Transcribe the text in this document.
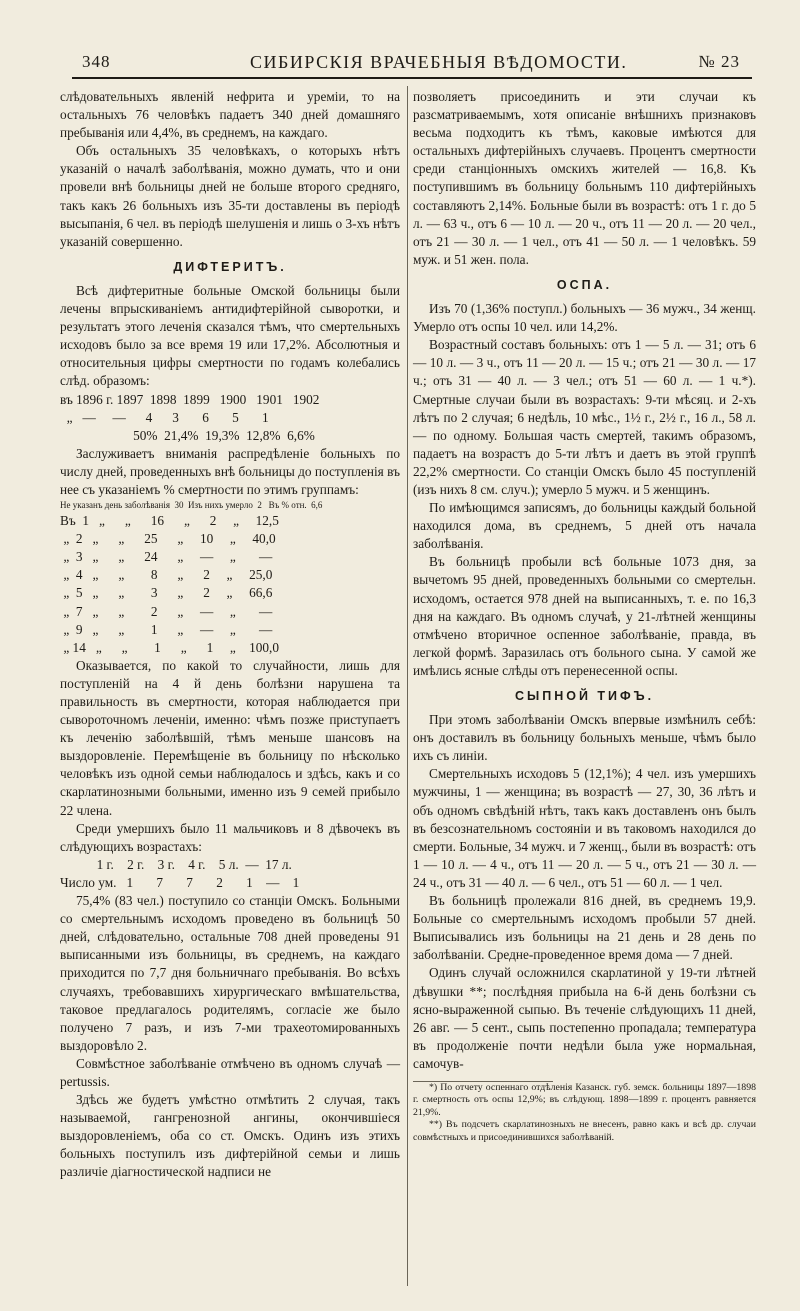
348	СИБИРСКІЯ ВРАЧЕБНЫЯ ВѢДОМОСТИ.	№ 23

слѣдовательныхъ явленій нефрита и уреміи, то на остальныхъ 76 человѣкъ падаетъ 340 дней домашняго пребыванія или 4,4%, въ среднемъ, на каждаго.

Объ остальныхъ 35 человѣкахъ, о которыхъ нѣтъ указаній о началѣ заболѣванія, можно думать, что и они провели внѣ больницы дней не больше второго средняго, такъ какъ 26 больныхъ изъ 35-ти доставлены въ періодѣ высыпанія, 6 чел. въ періодѣ шелушенія и лишь о 3-хъ нѣтъ указаній совершенно.

ДИФТЕРИТЪ.

Всѣ дифтеритные больные Омской больницы были лечены впрыскиваніемъ антидифтерійной сыворотки, и результатъ этого леченія сказался тѣмъ, что смертельныхъ исходовъ было за все время 19 или 17,2%. Абсолютныя и относительныя цифры смертности по годамъ колебались слѣд. образомъ:

въ 1896 г. 1897  1898  1899   1900   1901   1902
„   —     —      4      3       6       5       1
50%  21,4%  19,3%  12,8%  6,6%

Заслуживаетъ вниманія распредѣленіе больныхъ по числу дней, проведенныхъ внѣ больницы до поступленія въ нее съ указаніемъ % смертности по этимъ группамъ:

Не указанъ день заболѣванія  30  Изъ нихъ умерло  2   Въ % отн.  6,6
Въ  1   „      „      16      „      2     „     12,5
„  2   „      „      25      „     10     „     40,0
„  3   „      „      24      „     —     „       —
„  4   „      „        8      „      2     „     25,0
„  5   „      „        3      „      2     „     66,6
„  7   „      „        2      „     —     „       —
„  9   „      „        1      „     —     „       —
„ 14   „      „        1      „      1     „    100,0

Оказывается, по какой то случайности, лишь для поступленій на 4 й день болѣзни нарушена та правильность въ смертности, которая наблюдается при сывороточномъ леченіи, именно: чѣмъ позже приступаетъ къ леченію заболѣвшій, тѣмъ меньше шансовъ на выздоровленіе. Перемѣщеніе въ больницу по нѣсколько человѣкъ изъ одной семьи наблюдалось и здѣсь, какъ и со скарлатинозными больными, именно изъ 9 семей прибыло 22 члена.

Среди умершихъ было 11 мальчиковъ и 8 дѣвочекъ въ слѣдующихъ возрастахъ:

1 г.    2 г.    3 г.    4 г.    5 л.  —  17 л.
Число ум.   1       7       7       2       1    —    1

75,4% (83 чел.) поступило со станціи Омскъ. Больными со смертельнымъ исходомъ проведено въ больницѣ 50 дней, слѣдовательно, остальные 708 дней проведены 91 выписанными изъ больницы, въ среднемъ, на каждаго приходится по 7,7 дня больничнаго пребыванія. Во всѣхъ случаяхъ, требовавшихъ хирургическаго вмѣшательства, таковое предлагалось родителямъ, согласіе же было получено 7 разъ, и изъ 7-ми трахеотомированныхъ выздоровѣло 2.

Совмѣстное заболѣваніе отмѣчено въ одномъ случаѣ — pertussis.

Здѣсь же будетъ умѣстно отмѣтить 2 случая, такъ называемой, гангренозной ангины, окончившіеся выздоровленіемъ, оба со ст. Омскъ. Одинъ изъ этихъ больныхъ поступилъ изъ дифтерійной семьи и лишь различіе діагностической надписи не

позволяетъ присоединить и эти случаи къ разсматриваемымъ, хотя описаніе внѣшнихъ признаковъ весьма подходитъ къ тѣмъ, каковые имѣются для остальныхъ дифтерійныхъ случаевъ. Процентъ смертности среди станціонныхъ омскихъ жителей — 16,8. Къ поступившимъ въ больницу больнымъ 110 дифтерійныхъ составляютъ 2,14%. Больные были въ возрастѣ: отъ 1 г. до 5 л. — 63 ч., отъ 6 — 10 л. — 20 ч., отъ 11 — 20 л. — 20 чел., отъ 21 — 30 л. — 1 чел., отъ 41 — 50 л. — 1 человѣкъ. 59 муж. и 51 жен. пола.

ОСПА.

Изъ 70 (1,36% поступл.) больныхъ — 36 мужч., 34 женщ. Умерло отъ оспы 10 чел. или 14,2%.

Возрастный составъ больныхъ: отъ 1 — 5 л. — 31; отъ 6 — 10 л. — 3 ч., отъ 11 — 20 л. — 15 ч.; отъ 21 — 30 л. — 17 ч.; отъ 31 — 40 л. — 3 чел.; отъ 51 — 60 л. — 1 ч.*). Смертные случаи были въ возрастахъ: 9-ти мѣсяц. и 2-хъ лѣтъ по 2 случая; 6 недѣль, 10 мѣс., 1½ г., 2½ г., 16 л., 58 л. — по одному. Большая часть смертей, такимъ образомъ, падаетъ на возрастъ до 5-ти лѣтъ и даетъ въ этой группѣ 22,2% смертности. Со станціи Омскъ было 45 поступленій (изъ нихъ 8 см. случ.); умерло 5 мужч. и 5 женщинъ.

По имѣющимся записямъ, до больницы каждый больной находился дома, въ среднемъ, 5 дней отъ начала заболѣванія.

Въ больницѣ пробыли всѣ больные 1073 дня, за вычетомъ 95 дней, проведенныхъ больными со смертельн. исходомъ, остается 978 дней на выписанныхъ, т. е. по 16,3 дня на каждаго. Въ одномъ случаѣ, у 21-лѣтней женщины отмѣчено вторичное оспенное заболѣваніе, правда, въ легкой формѣ. Заразилась отъ больного сына. У самой же имѣлись ясные слѣды отъ перенесенной оспы.

СЫПНОЙ ТИФЪ.

При этомъ заболѣваніи Омскъ впервые измѣнилъ себѣ: онъ доставилъ въ больницу больныхъ меньше, чѣмъ было ихъ съ линіи.

Смертельныхъ исходовъ 5 (12,1%); 4 чел. изъ умершихъ мужчины, 1 — женщина; въ возрастѣ — 27, 30, 36 лѣтъ и объ одномъ свѣдѣній нѣтъ, такъ какъ доставленъ онъ былъ въ безсознательномъ состояніи и въ таковомъ находился до смерти. Больные, 34 мужч. и 7 женщ., были въ возрастѣ: отъ 1 — 10 л. — 4 ч., отъ 11 — 20 л. — 5 ч., отъ 21 — 30 л. — 24 ч., отъ 31 — 40 л. — 6 чел., отъ 51 — 60 л. — 1 чел.

Въ больницѣ пролежали 816 дней, въ среднемъ 19,9. Больные со смертельнымъ исходомъ пробыли 57 дней. Выписывались изъ больницы на 21 день и 28 день по заболѣваніи. Средне-проведенное время дома — 7 дней.

Одинъ случай осложнился скарлатиной у 19-ти лѣтней дѣвушки **; послѣдняя прибыла на 6-й день болѣзни съ ясно-выраженной сыпью. Въ теченіе слѣдующихъ 11 дней, 26 авг. — 5 сент., сыпь постепенно пропадала; температура въ продолженіе почти недѣли была уже нормальная, самочув-

*) По отчету оспеннаго отдѣленія Казанск. губ. земск. больницы 1897—1898 г. смертность отъ оспы 12,9%; въ слѣдующ. 1898—1899 г. процентъ равняется 21,9%.

**) Въ подсчетъ скарлатинозныхъ не внесенъ, равно какъ и всѣ др. случаи совмѣстныхъ и присоединившихся заболѣваній.
